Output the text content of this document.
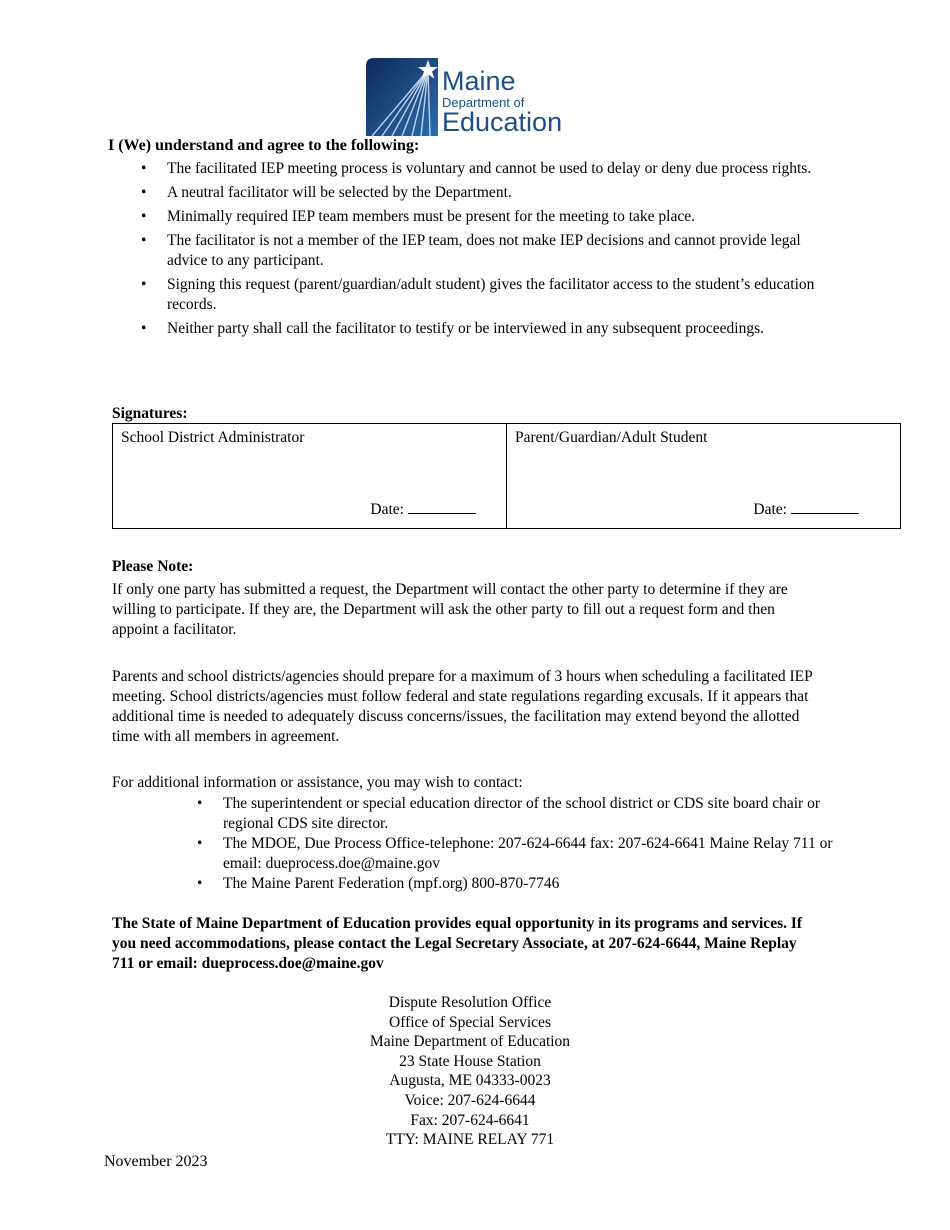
Maine
Department of
Education
I (We) understand and agree to the following:
• The facilitated IEP meeting process is voluntary and cannot be used to delay or deny due process rights.
• A neutral facilitator will be selected by the Department.
• Minimally required IEP team members must be present for the meeting to take place.
• The facilitator is not a member of the IEP team, does not make IEP decisions and cannot provide legal advice to any participant.
• Signing this request (parent/guardian/adult student) gives the facilitator access to the student’s education records.
• Neither party shall call the facilitator to testify or be interviewed in any subsequent proceedings.
Signatures:
School District Administrator
Date:

Parent/Guardian/Adult Student
Date:
Please Note:
If only one party has submitted a request, the Department will contact the other party to determine if they are willing to participate. If they are, the Department will ask the other party to fill out a request form and then appoint a facilitator.
Parents and school districts/agencies should prepare for a maximum of 3 hours when scheduling a facilitated IEP meeting. School districts/agencies must follow federal and state regulations regarding excusals. If it appears that additional time is needed to adequately discuss concerns/issues, the facilitation may extend beyond the allotted time with all members in agreement.
For additional information or assistance, you may wish to contact:
• The superintendent or special education director of the school district or CDS site board chair or regional CDS site director.
• The MDOE, Due Process Office-telephone: 207-624-6644 fax: 207-624-6641 Maine Relay 711 or email: dueprocess.doe@maine.gov
• The Maine Parent Federation (mpf.org) 800-870-7746
The State of Maine Department of Education provides equal opportunity in its programs and services. If you need accommodations, please contact the Legal Secretary Associate, at 207-624-6644, Maine Replay 711 or email: dueprocess.doe@maine.gov
Dispute Resolution Office
Office of Special Services
Maine Department of Education
23 State House Station
Augusta, ME 04333-0023
Voice: 207-624-6644
Fax: 207-624-6641
TTY: MAINE RELAY 771
November 2023
